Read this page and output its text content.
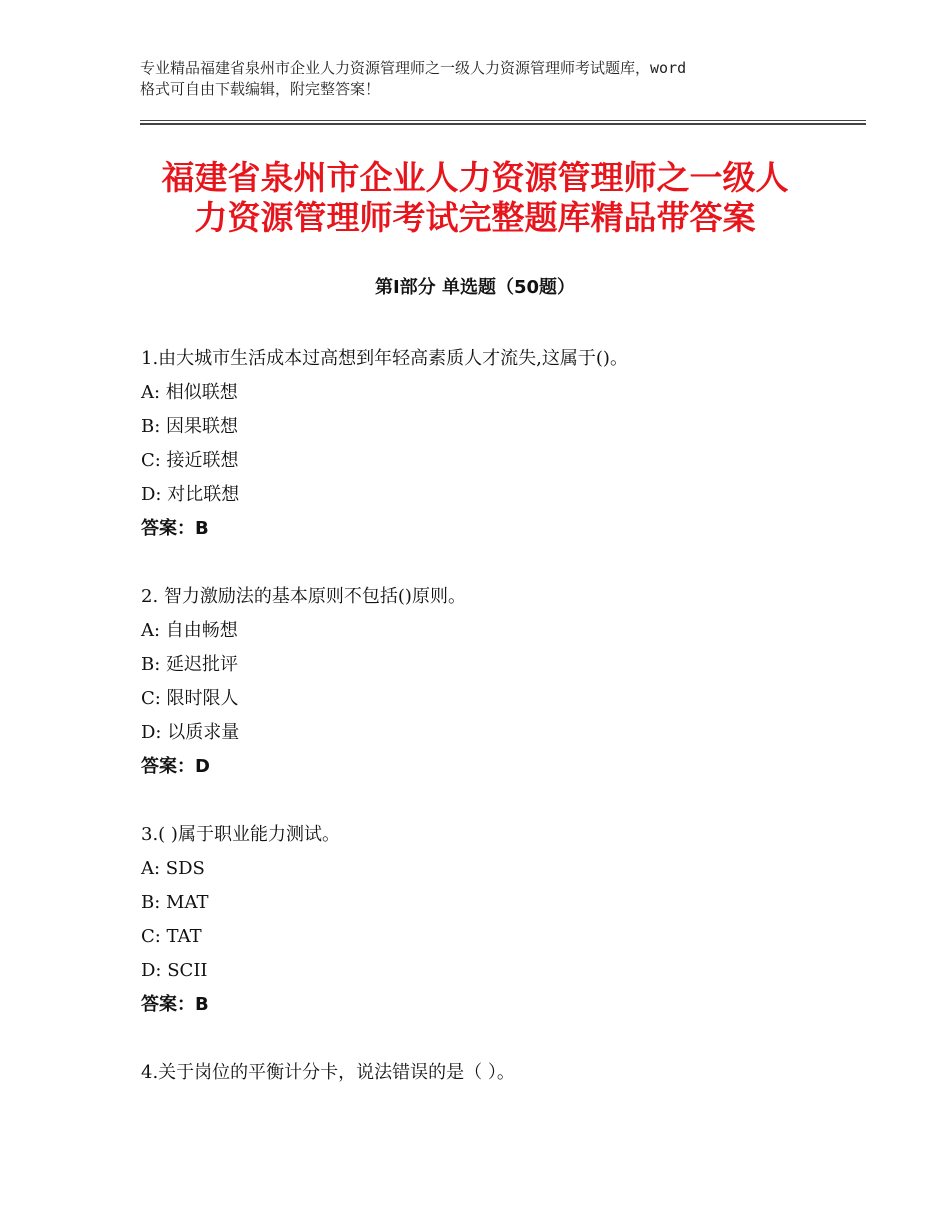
专业精品福建省泉州市企业人力资源管理师之一级人力资源管理师考试题库，word
格式可自由下载编辑，附完整答案！
福建省泉州市企业人力资源管理师之一级人
力资源管理师考试完整题库精品带答案
第Ⅰ部分 单选题（50题）
1.由大城市生活成本过高想到年轻高素质人才流失,这属于()。
A: 相似联想
B: 因果联想
C: 接近联想
D: 对比联想
答案：B
2. 智力激励法的基本原则不包括()原则。
A: 自由畅想
B: 延迟批评
C: 限时限人
D: 以质求量
答案：D
3.( )属于职业能力测试。
A: SDS
B: MAT
C: TAT
D: SCII
答案：B
4.关于岗位的平衡计分卡，说法错误的是（ ）。
